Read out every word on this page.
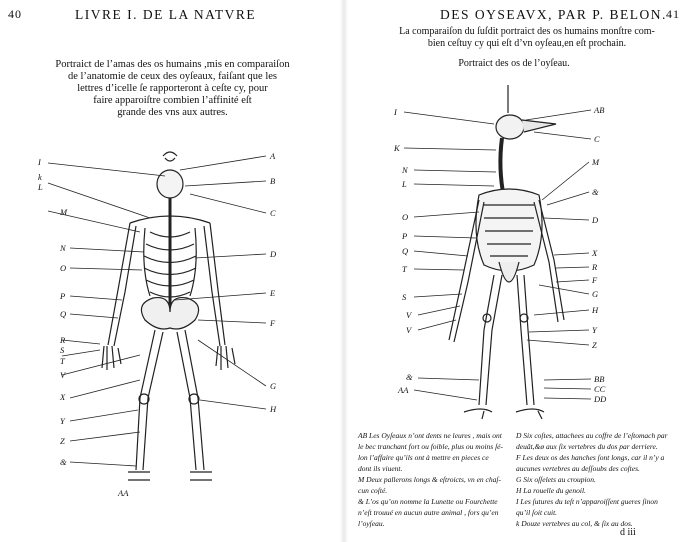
40	LIVRE I. DE LA NATVRE
Portraict de l’amas des os humains ,mis en comparaiſon
de l’anatomie de ceux des oyſeaux, faiſant que les
lettres d’icelle ſe rapporteront à ceſte cy, pour
faire apparoiſtre combien l’affinité eſt
grande des vns aux autres.
I
k
L
M
N
O
P
Q
R
S
T
V
X
Y
Z
&
A
B
C
D
E
F
G
H
AA
DES OYSEAVX, PAR P. BELON. 41
La comparaiſon du ſuſdit portraict des os humains monſtre com-
bien ceſtuy cy qui eſt d’vn oyſeau,en eſt prochain.
Portraict des os de l’oyſeau.
I
K
N
L
O
P
Q
T
S
V
V
&
AA
AB
C
M
&
D
X
R
F
G
H
Y
Z
BB
CC
DD
AB Les Oyſeaux n’ont dents ne leures , mais ont
le bec tranchant fort ou foible, plus ou moins ſé-
lon l’affaire qu’ils ont à mettre en pieces ce
dont ils viuent.
M Deux pallerons longs & eſtroicts, vn en chaſ-
cun coſté.
& L’os qu’on nomme la Lunette ou Fourchette
n’eſt trouué en aucun autre animal , fors qu’en
l’oyſeau.
D Six coſtes, attachees au coffre de l’eſtomach par
deuât,&ø aux ſix vertebres du dos par derriere.
F Les deux os des hanches ſont longs, car il n’y a
aucunes vertebres au deſſoubs des coſtes.
G Six oſſelets au croupion.
H La rouelle du genoil.
I Les ſutures du teſt n’apparoiſſent gueres ſinon
qu’il ſoit cuit.
k Douze vertebres au col, & ſix au dos.
d iii
